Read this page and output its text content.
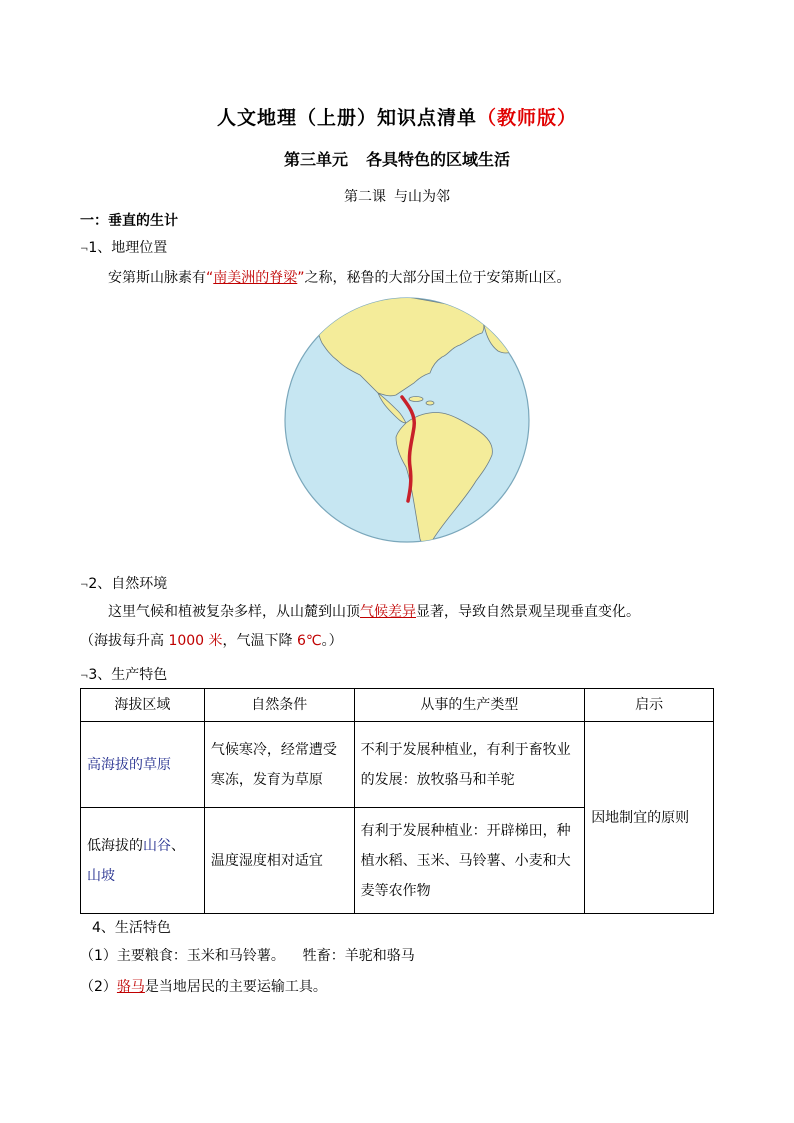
人文地理（上册）知识点清单（教师版）
第三单元 各具特色的区域生活
第二课 与山为邻
一：垂直的生计
¬1、地理位置
安第斯山脉素有“南美洲的脊梁”之称，秘鲁的大部分国土位于安第斯山区。
¬2、自然环境
这里气候和植被复杂多样，从山麓到山顶气候差异显著，导致自然景观呈现垂直变化。
（海拔每升高 1000 米，气温下降 6℃。）
¬3、生产特色
海拔区域	自然条件	从事的生产类型	启示
高海拔的草原	气候寒冷，经常遭受寒冻，发育为草原	不利于发展种植业，有利于畜牧业的发展：放牧骆马和羊驼	因地制宜的原则
低海拔的山谷、
山坡	温度湿度相对适宜	有利于发展种植业：开辟梯田，种植水稻、玉米、马铃薯、小麦和大麦等农作物	
4、生活特色
（1）主要粮食：玉米和马铃薯。    牲畜：羊驼和骆马
（2）骆马是当地居民的主要运输工具。
